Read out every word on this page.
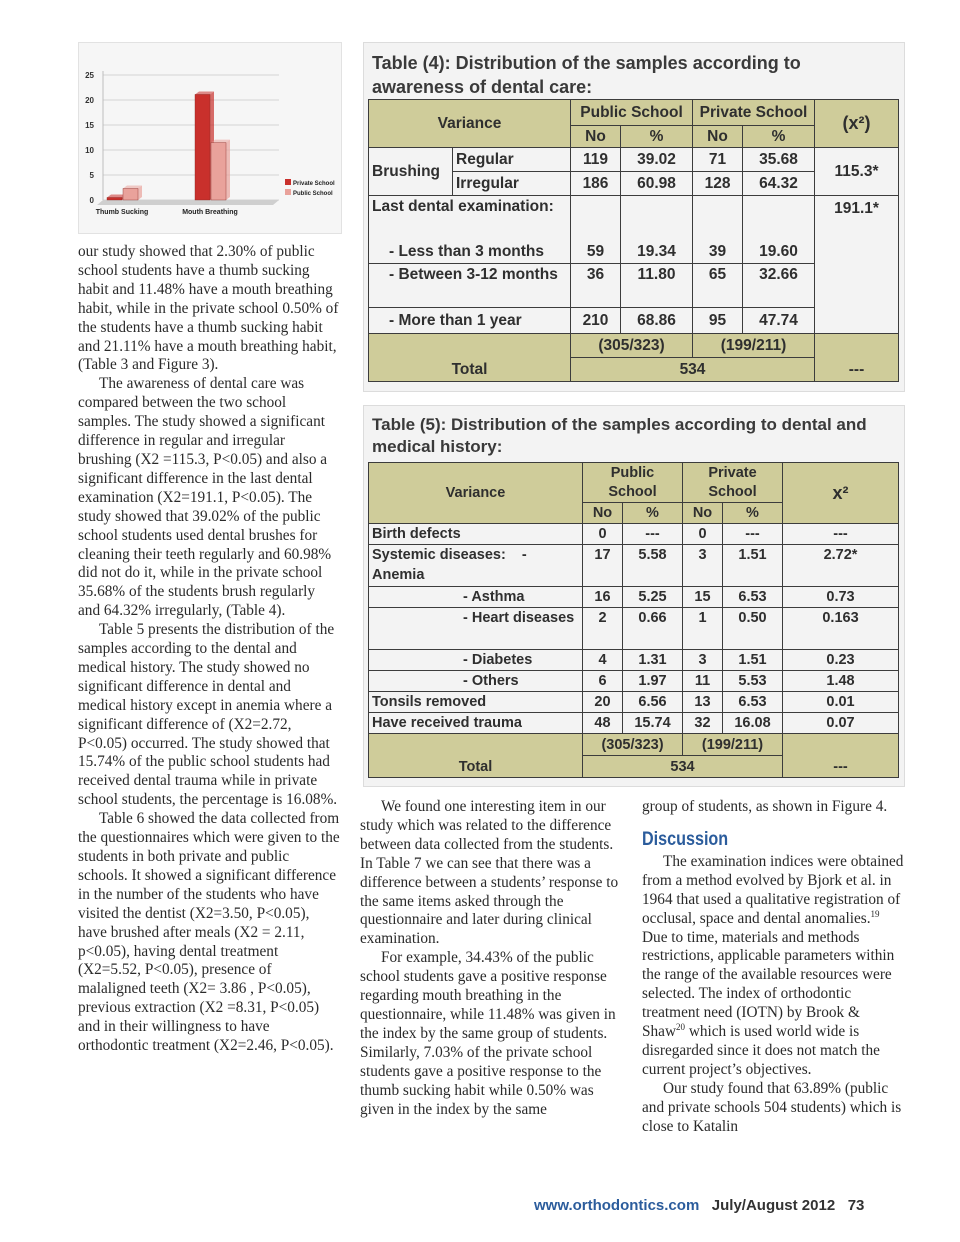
0
5
10
15
20
25
Thumb Sucking	Mouth Breathing
Private School
Public School

our study showed that 2.30% of public school students have a thumb sucking habit and 11.48% have a mouth breathing habit, while in the private school 0.50% of the students have a thumb sucking habit and 21.11% have a mouth breathing habit, (Table 3 and Figure 3).

The awareness of dental care was compared between the two school samples. The study showed a significant difference in regular and irregular brushing (X2 =115.3, P<0.05) and also a significant difference in the last dental examination (X2=191.1, P<0.05). The study showed that 39.02% of the public school students used dental brushes for cleaning their teeth regularly and 60.98% did not do it, while in the private school 35.68% of the students brush regularly and 64.32% irregularly, (Table 4).

Table 5 presents the distribution of the samples according to the dental and medical history. The study showed no significant difference in dental and medical history except in anemia where a significant difference of (X2=2.72, P<0.05) occurred. The study showed that 15.74% of the public school students had received dental trauma while in private school students, the percentage is 16.08%.

Table 6 showed the data collected from the questionnaires which were given to the students in both private and public schools. It showed a significant difference in the number of the students who have visited the dentist (X2=3.50, P<0.05), have brushed after meals (X2 = 2.11, p<0.05), having dental treatment (X2=5.52, P<0.05), presence of malaligned teeth (X2= 3.86 , P<0.05), previous extraction (X2 =8.31, P<0.05) and in their willingness to have orthodontic treatment (X2=2.46, P<0.05).

Table (4): Distribution of the samples according to awareness of dental care:
Variance		Public School		Private School		(x²)
		No	%	No	%	
Brushing	Regular	119	39.02	71	35.68	115.3*
	Irregular	186	60.98	128	64.32	
Last dental examination:						191.1*
- Less than 3 months		59	19.34	39	19.60	
- Between 3-12 months		36	11.80	65	32.66	
- More than 1 year		210	68.86	95	47.74	
Total		(305/323)		(199/211)		---
		534				
Table (5): Distribution of the samples according to dental and medical history:
Variance	Public School		Private School		x²
	No	%	No	%	
Birth defects	0	---	0	---	---
Systemic diseases:    - Anemia	17	5.58	3	1.51	2.72*
- Asthma	16	5.25	15	6.53	0.73
- Heart diseases	2	0.66	1	0.50	0.163
- Diabetes	4	1.31	3	1.51	0.23
- Others	6	1.97	11	5.53	1.48
Tonsils removed	20	6.56	13	6.53	0.01
Have received trauma	48	15.74	32	16.08	0.07
Total	(305/323)		(199/211)		---
	534				

We found one interesting item in our study which was related to the difference between data collected from the students. In Table 7 we can see that there was a difference between a students’ response to the same items asked through the questionnaire and later during clinical examination.

For example, 34.43% of the public school students gave a positive response regarding mouth breathing in the questionnaire, while 11.48% was given in the index by the same group of students. Similarly, 7.03% of the private school students gave a positive response to the thumb sucking habit while 0.50% was given in the index by the same

group of students, as shown in Figure 4.

Discussion

The examination indices were obtained from a method evolved by Bjork et al. in 1964 that used a qualitative registration of occlusal, space and dental anomalies.$^{19}$ Due to time, materials and methods restrictions, applicable parameters within the range of the available resources were selected. The index of orthodontic treatment need (IOTN) by Brook & Shaw$^{20}$ which is used world wide is disregarded since it does not match the current project’s objectives.

Our study found that 63.89% (public and private schools 504 students) which is close to Katalin

www.orthodontics.com July/August 2012 73
